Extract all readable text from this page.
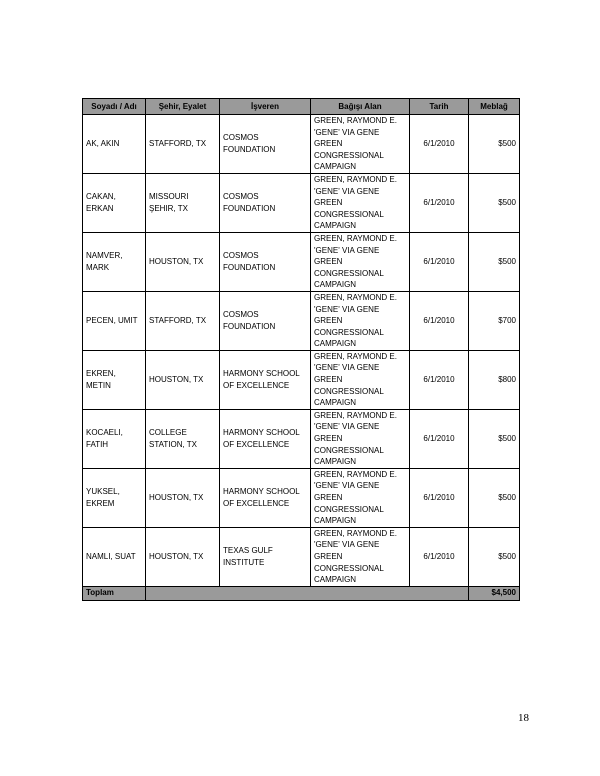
Soyadı / Adı	Şehir, Eyalet	İşveren	Bağışı Alan	Tarih	Meblağ
AK, AKIN	STAFFORD, TX	COSMOS FOUNDATION	GREEN, RAYMOND E. 'GENE' VIA GENE GREEN CONGRESSIONAL CAMPAIGN	6/1/2010	$500
CAKAN, ERKAN	MISSOURI ŞEHIR, TX	COSMOS FOUNDATION	GREEN, RAYMOND E. 'GENE' VIA GENE GREEN CONGRESSIONAL CAMPAIGN	6/1/2010	$500
NAMVER, MARK	HOUSTON, TX	COSMOS FOUNDATION	GREEN, RAYMOND E. 'GENE' VIA GENE GREEN CONGRESSIONAL CAMPAIGN	6/1/2010	$500
PECEN, UMIT	STAFFORD, TX	COSMOS FOUNDATION	GREEN, RAYMOND E. 'GENE' VIA GENE GREEN CONGRESSIONAL CAMPAIGN	6/1/2010	$700
EKREN, METIN	HOUSTON, TX	HARMONY SCHOOL OF EXCELLENCE	GREEN, RAYMOND E. 'GENE' VIA GENE GREEN CONGRESSIONAL CAMPAIGN	6/1/2010	$800
KOCAELI, FATIH	COLLEGE STATION, TX	HARMONY SCHOOL OF EXCELLENCE	GREEN, RAYMOND E. 'GENE' VIA GENE GREEN CONGRESSIONAL CAMPAIGN	6/1/2010	$500
YUKSEL, EKREM	HOUSTON, TX	HARMONY SCHOOL OF EXCELLENCE	GREEN, RAYMOND E. 'GENE' VIA GENE GREEN CONGRESSIONAL CAMPAIGN	6/1/2010	$500
NAMLI, SUAT	HOUSTON, TX	TEXAS GULF INSTITUTE	GREEN, RAYMOND E. 'GENE' VIA GENE GREEN CONGRESSIONAL CAMPAIGN	6/1/2010	$500
Toplam					$4,500
18
